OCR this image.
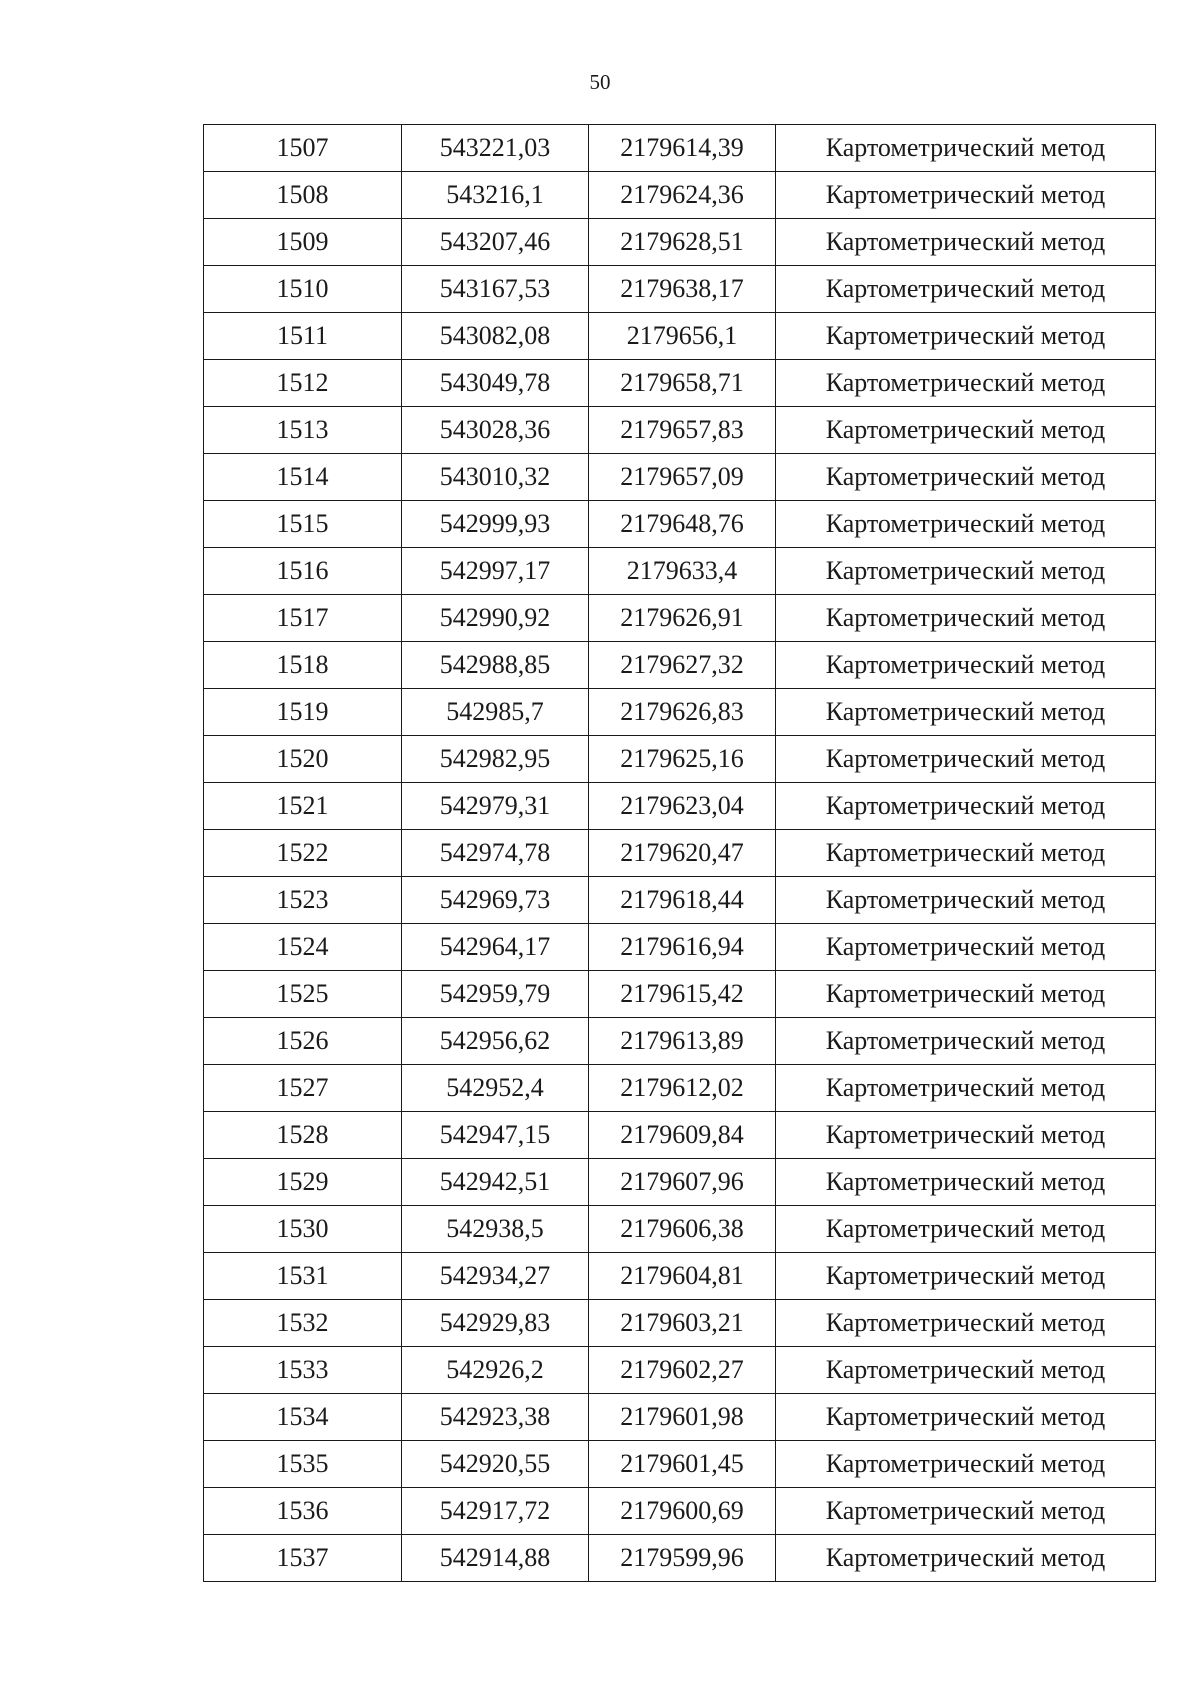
50
1507	543221,03	2179614,39	Картометрический метод
1508	543216,1	2179624,36	Картометрический метод
1509	543207,46	2179628,51	Картометрический метод
1510	543167,53	2179638,17	Картометрический метод
1511	543082,08	2179656,1	Картометрический метод
1512	543049,78	2179658,71	Картометрический метод
1513	543028,36	2179657,83	Картометрический метод
1514	543010,32	2179657,09	Картометрический метод
1515	542999,93	2179648,76	Картометрический метод
1516	542997,17	2179633,4	Картометрический метод
1517	542990,92	2179626,91	Картометрический метод
1518	542988,85	2179627,32	Картометрический метод
1519	542985,7	2179626,83	Картометрический метод
1520	542982,95	2179625,16	Картометрический метод
1521	542979,31	2179623,04	Картометрический метод
1522	542974,78	2179620,47	Картометрический метод
1523	542969,73	2179618,44	Картометрический метод
1524	542964,17	2179616,94	Картометрический метод
1525	542959,79	2179615,42	Картометрический метод
1526	542956,62	2179613,89	Картометрический метод
1527	542952,4	2179612,02	Картометрический метод
1528	542947,15	2179609,84	Картометрический метод
1529	542942,51	2179607,96	Картометрический метод
1530	542938,5	2179606,38	Картометрический метод
1531	542934,27	2179604,81	Картометрический метод
1532	542929,83	2179603,21	Картометрический метод
1533	542926,2	2179602,27	Картометрический метод
1534	542923,38	2179601,98	Картометрический метод
1535	542920,55	2179601,45	Картометрический метод
1536	542917,72	2179600,69	Картометрический метод
1537	542914,88	2179599,96	Картометрический метод
